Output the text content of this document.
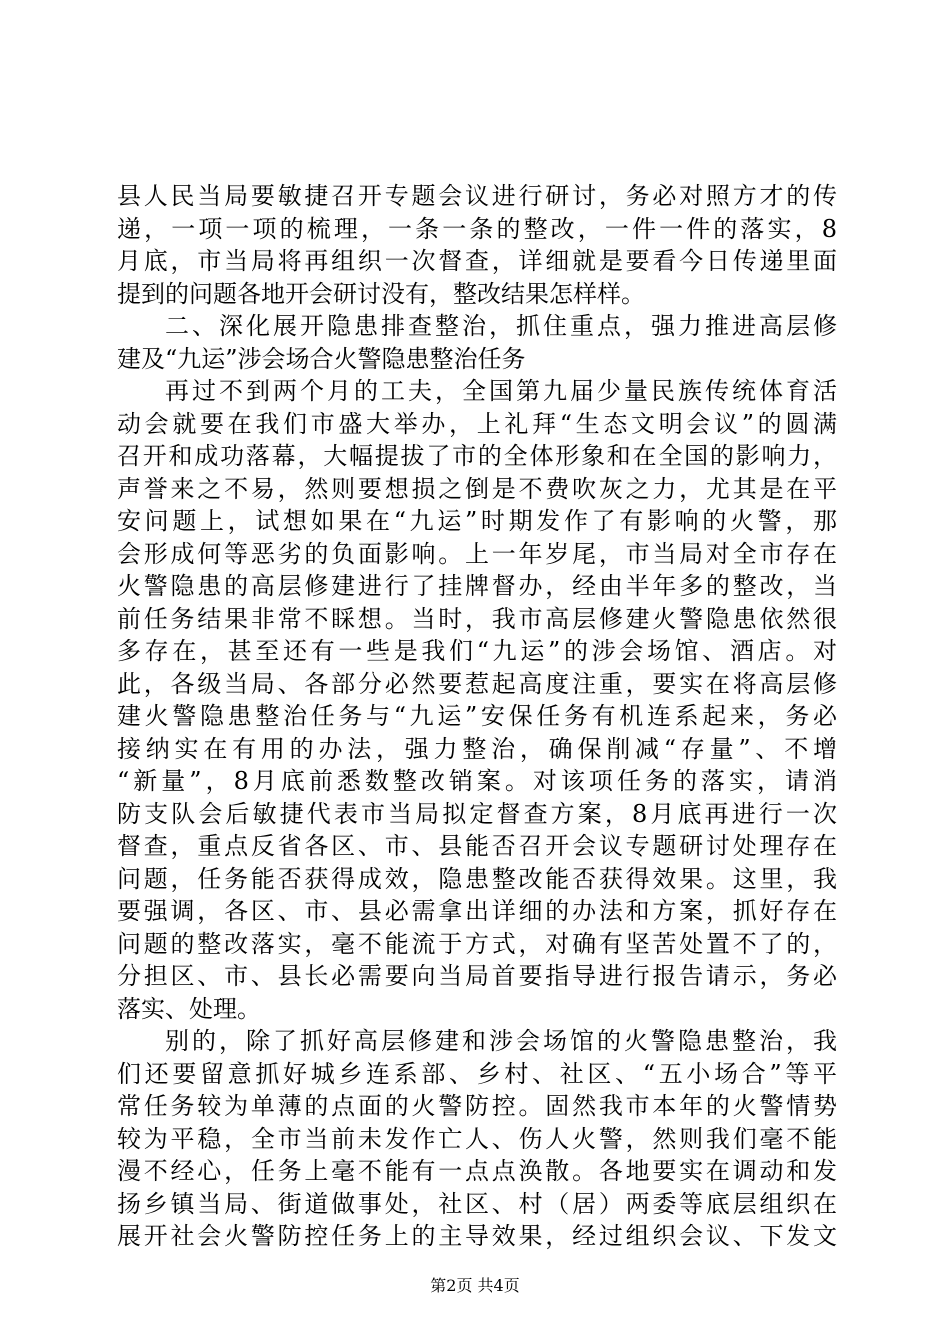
县人民当局要敏捷召开专题会议进行研讨，务必对照方才的传
递，一项一项的梳理，一条一条的整改，一件一件的落实，8
月底，市当局将再组织一次督查，详细就是要看今日传递里面
提到的问题各地开会研讨没有，整改结果怎样样。
二、深化展开隐患排查整治，抓住重点，强力推进高层修
建及“九运”涉会场合火警隐患整治任务
再过不到两个月的工夫，全国第九届少量民族传统体育活
动会就要在我们市盛大举办，上礼拜“生态文明会议”的圆满
召开和成功落幕，大幅提拔了市的全体形象和在全国的影响力，
声誉来之不易，然则要想损之倒是不费吹灰之力，尤其是在平
安问题上，试想如果在“九运”时期发作了有影响的火警，那
会形成何等恶劣的负面影响。上一年岁尾，市当局对全市存在
火警隐患的高层修建进行了挂牌督办，经由半年多的整改，当
前任务结果非常不睬想。当时，我市高层修建火警隐患依然很
多存在，甚至还有一些是我们“九运”的涉会场馆、酒店。对
此，各级当局、各部分必然要惹起高度注重，要实在将高层修
建火警隐患整治任务与“九运”安保任务有机连系起来，务必
接纳实在有用的办法，强力整治，确保削减“存量”、不增
“新量”，8月底前悉数整改销案。对该项任务的落实，请消
防支队会后敏捷代表市当局拟定督查方案，8月底再进行一次
督查，重点反省各区、市、县能否召开会议专题研讨处理存在
问题，任务能否获得成效，隐患整改能否获得效果。这里，我
要强调，各区、市、县必需拿出详细的办法和方案，抓好存在
问题的整改落实，毫不能流于方式，对确有坚苦处置不了的，
分担区、市、县长必需要向当局首要指导进行报告请示，务必
落实、处理。
别的，除了抓好高层修建和涉会场馆的火警隐患整治，我
们还要留意抓好城乡连系部、乡村、社区、“五小场合”等平
常任务较为单薄的点面的火警防控。固然我市本年的火警情势
较为平稳，全市当前未发作亡人、伤人火警，然则我们毫不能
漫不经心，任务上毫不能有一点点涣散。各地要实在调动和发
扬乡镇当局、街道做事处，社区、村（居）两委等底层组织在
展开社会火警防控任务上的主导效果，经过组织会议、下发文
第2页 共4页
